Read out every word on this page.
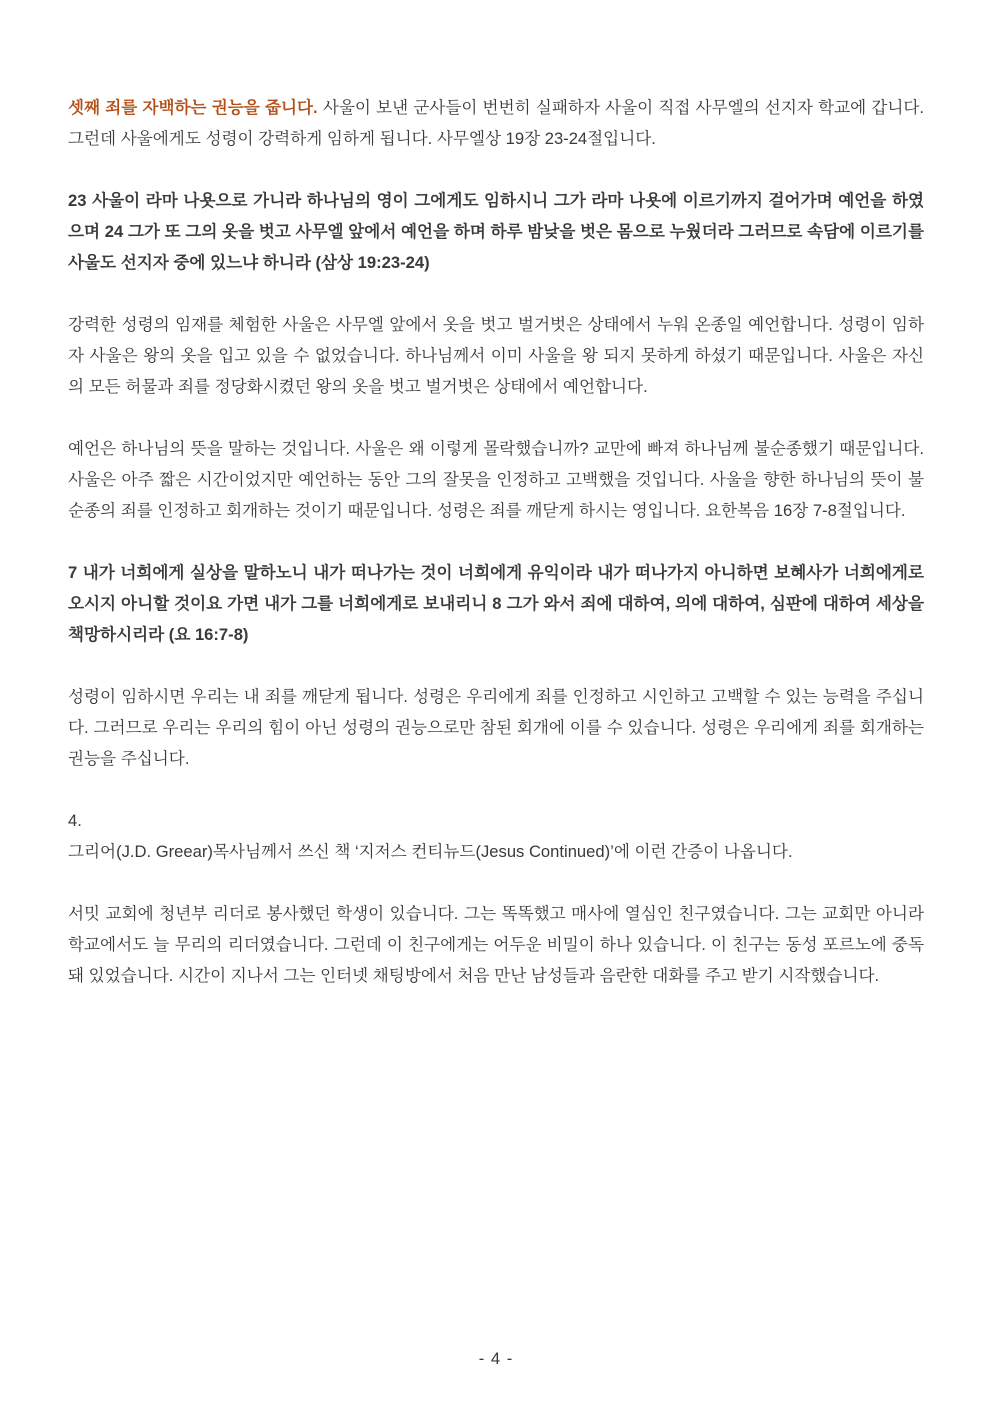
셋째 죄를 자백하는 권능을 줍니다. 사울이 보낸 군사들이 번번히 실패하자 사울이 직접 사무엘의 선지자 학교에 갑니다. 그런데 사울에게도 성령이 강력하게 임하게 됩니다. 사무엘상 19장 23-24절입니다.

23 사울이 라마 나욧으로 가니라 하나님의 영이 그에게도 임하시니 그가 라마 나욧에 이르기까지 걸어가며 예언을 하였으며 24 그가 또 그의 옷을 벗고 사무엘 앞에서 예언을 하며 하루 밤낮을 벗은 몸으로 누웠더라 그러므로 속담에 이르기를 사울도 선지자 중에 있느냐 하니라 (삼상 19:23-24)

강력한 성령의 임재를 체험한 사울은 사무엘 앞에서 옷을 벗고 벌거벗은 상태에서 누워 온종일 예언합니다. 성령이 임하자 사울은 왕의 옷을 입고 있을 수 없었습니다. 하나님께서 이미 사울을 왕 되지 못하게 하셨기 때문입니다. 사울은 자신의 모든 허물과 죄를 정당화시켰던 왕의 옷을 벗고 벌거벗은 상태에서 예언합니다.

예언은 하나님의 뜻을 말하는 것입니다. 사울은 왜 이렇게 몰락했습니까? 교만에 빠져 하나님께 불순종했기 때문입니다. 사울은 아주 짧은 시간이었지만 예언하는 동안 그의 잘못을 인정하고 고백했을 것입니다. 사울을 향한 하나님의 뜻이 불순종의 죄를 인정하고 회개하는 것이기 때문입니다. 성령은 죄를 깨닫게 하시는 영입니다. 요한복음 16장 7-8절입니다.

7 내가 너희에게 실상을 말하노니 내가 떠나가는 것이 너희에게 유익이라 내가 떠나가지 아니하면 보혜사가 너희에게로 오시지 아니할 것이요 가면 내가 그를 너희에게로 보내리니 8 그가 와서 죄에 대하여, 의에 대하여, 심판에 대하여 세상을 책망하시리라 (요 16:7-8)

성령이 임하시면 우리는 내 죄를 깨닫게 됩니다. 성령은 우리에게 죄를 인정하고 시인하고 고백할 수 있는 능력을 주십니다. 그러므로 우리는 우리의 힘이 아닌 성령의 권능으로만 참된 회개에 이를 수 있습니다. 성령은 우리에게 죄를 회개하는 권능을 주십니다.

4.

그리어(J.D. Greear)목사님께서 쓰신 책 ‘지저스 컨티뉴드(Jesus Continued)’에 이런 간증이 나옵니다.

서밋 교회에 청년부 리더로 봉사했던 학생이 있습니다. 그는 똑똑했고 매사에 열심인 친구였습니다. 그는 교회만 아니라 학교에서도 늘 무리의 리더였습니다. 그런데 이 친구에게는 어두운 비밀이 하나 있습니다. 이 친구는 동성 포르노에 중독돼 있었습니다. 시간이 지나서 그는 인터넷 채팅방에서 처음 만난 남성들과 음란한 대화를 주고 받기 시작했습니다.

- 4 -
